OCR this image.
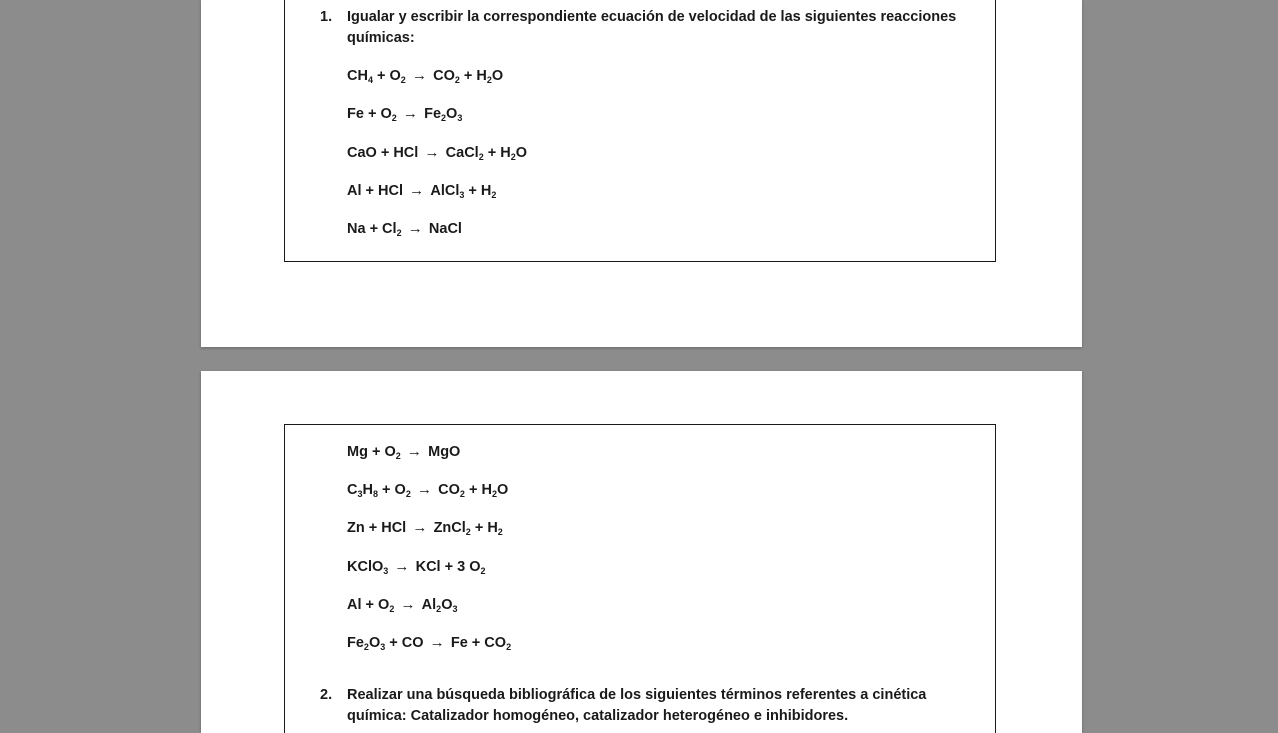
1. Igualar y escribir la correspondiente ecuación de velocidad de las siguientes reacciones químicas:
$CH_4 + O_2 \to CO_2 + H_2O$
$Fe + O_2 \to Fe_2O_3$
CaO + HCl → CaCl$_2$ + $H_2O$
Al + HCl → AlCl$_3$ + $H_2$
$Na + Cl_2$ → NaCl
$Mg + O_2$ → MgO
$C_3H_8 + O_2 \to CO_2 + H_2O$
Zn + HCl → ZnCl$_2$ + $H_2$
KClO$_3$ → KCl + 3 $O_2$
$Al + O_2 \to Al_2O_3$
$Fe_2O_3$ + CO → $Fe + CO_2$
2. Realizar una búsqueda bibliográfica de los siguientes términos referentes a cinética química: Catalizador homogéneo, catalizador heterogéneo e inhibidores.
